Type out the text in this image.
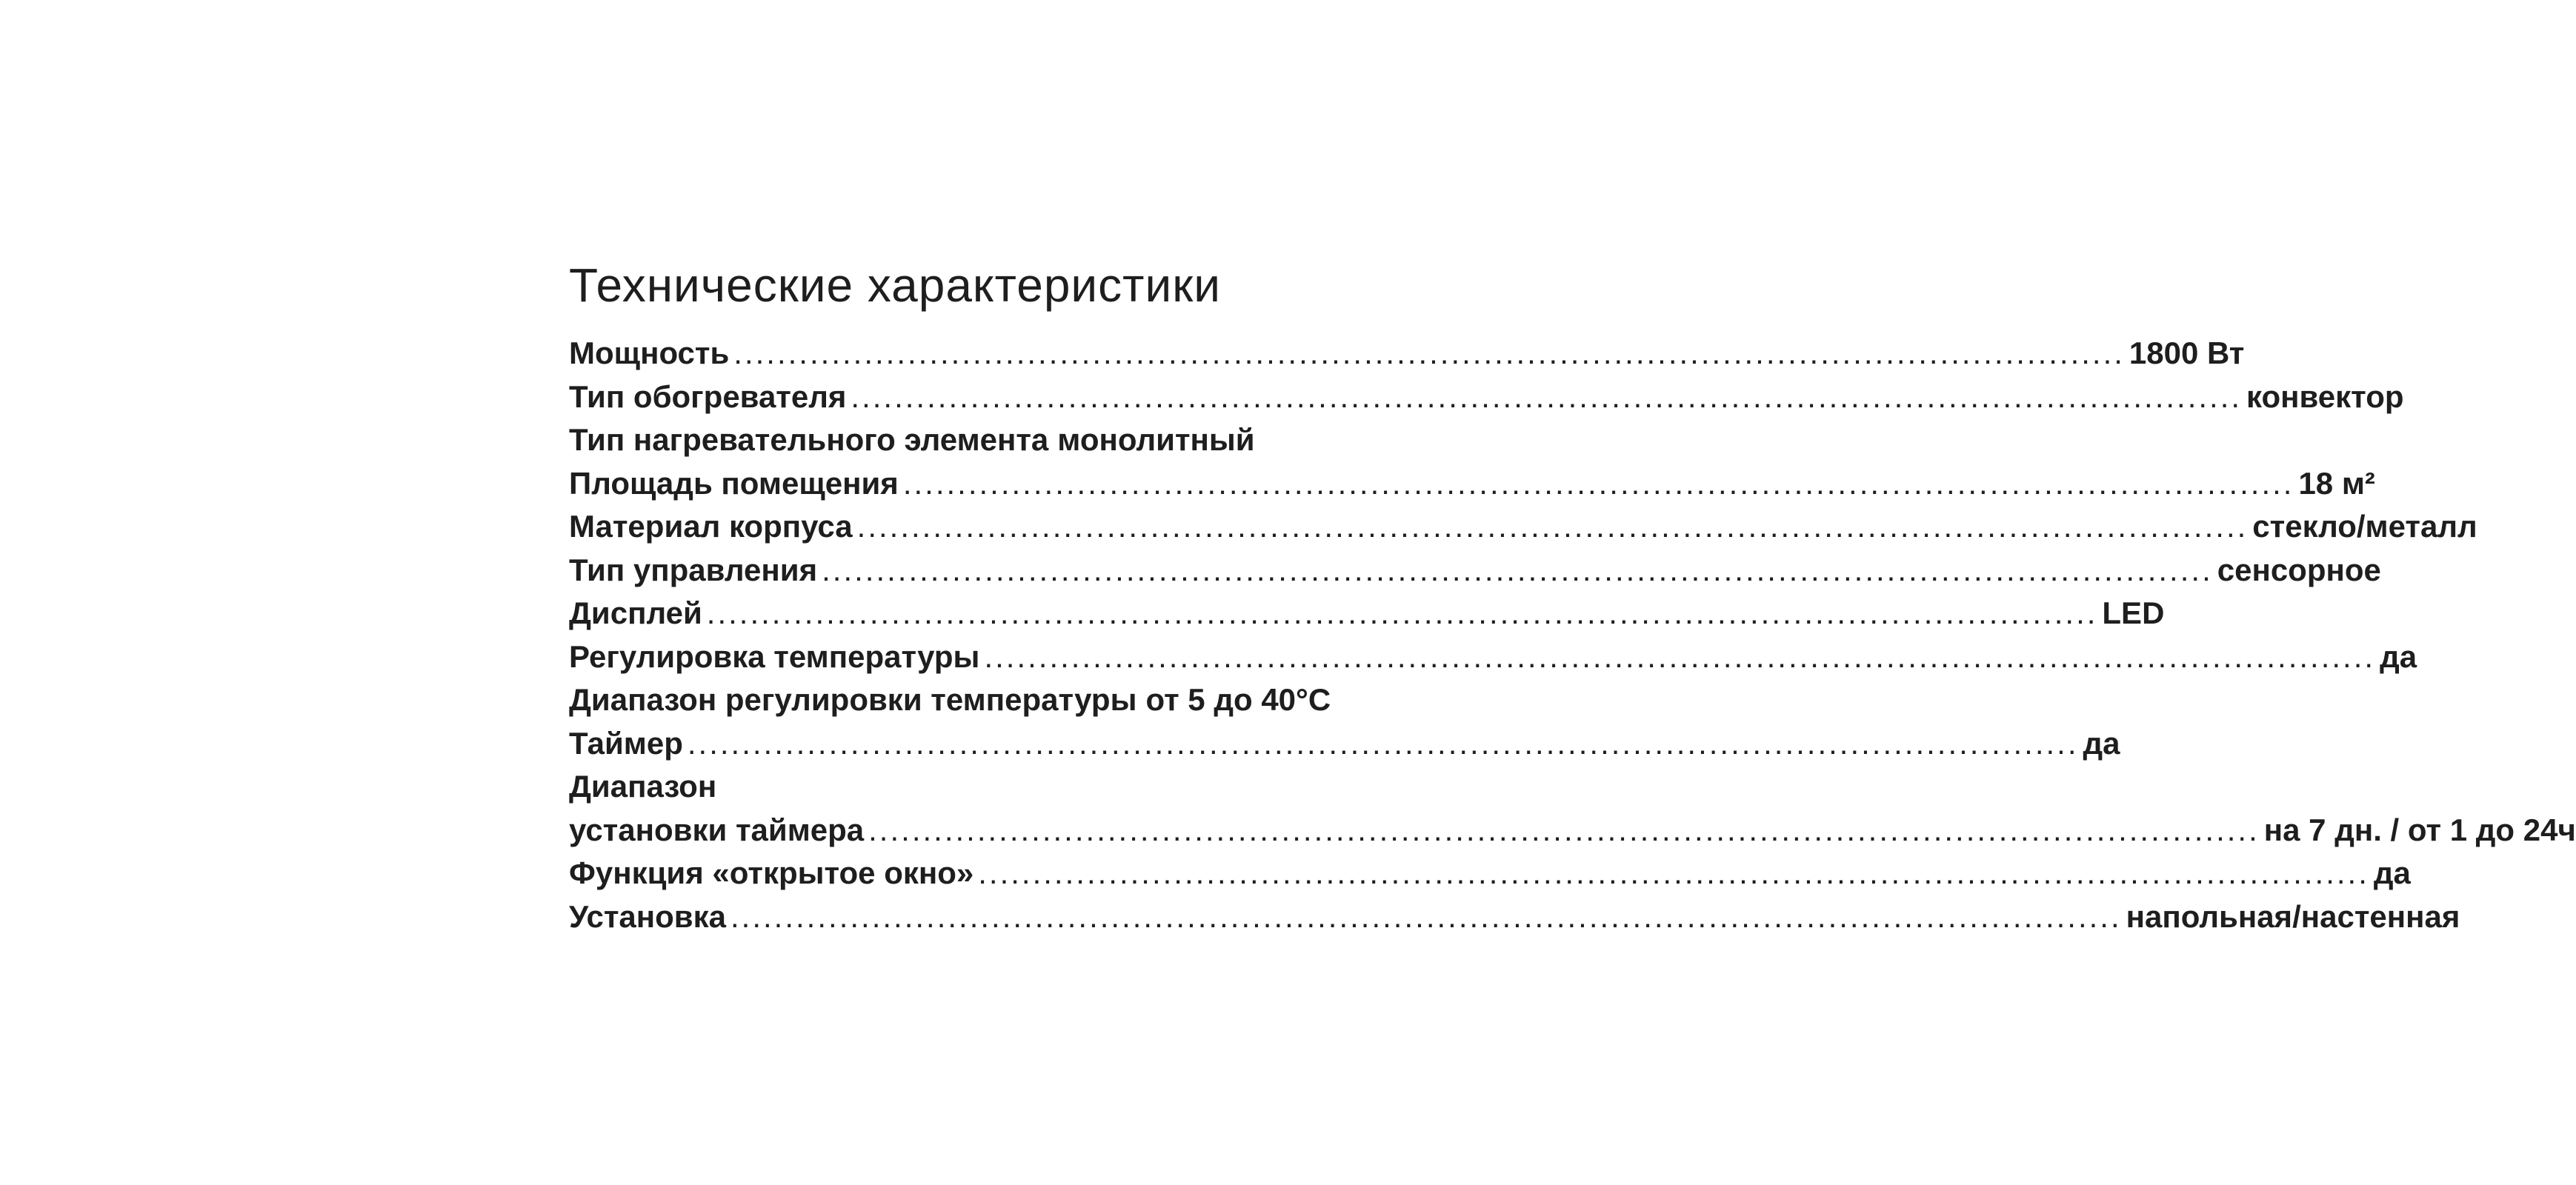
Технические характеристики
Мощность .....	1800 Вт
Тип обогревателя .....	конвектор
Тип нагревательного элемента монолитный
Площадь помещения .....	18 м²
Материал корпуса .....	стекло/металл
Тип управления .....	сенсорное
Дисплей .....	LED
Регулировка температуры .....	да
Диапазон регулировки температуры от 5 до 40°C
Таймер .....	да
Диапазон
установки таймера .....	на 7 дн. / от 1 до 24ч
Функция «открытое окно» .....	да
Установка .....	напольная/настенная
